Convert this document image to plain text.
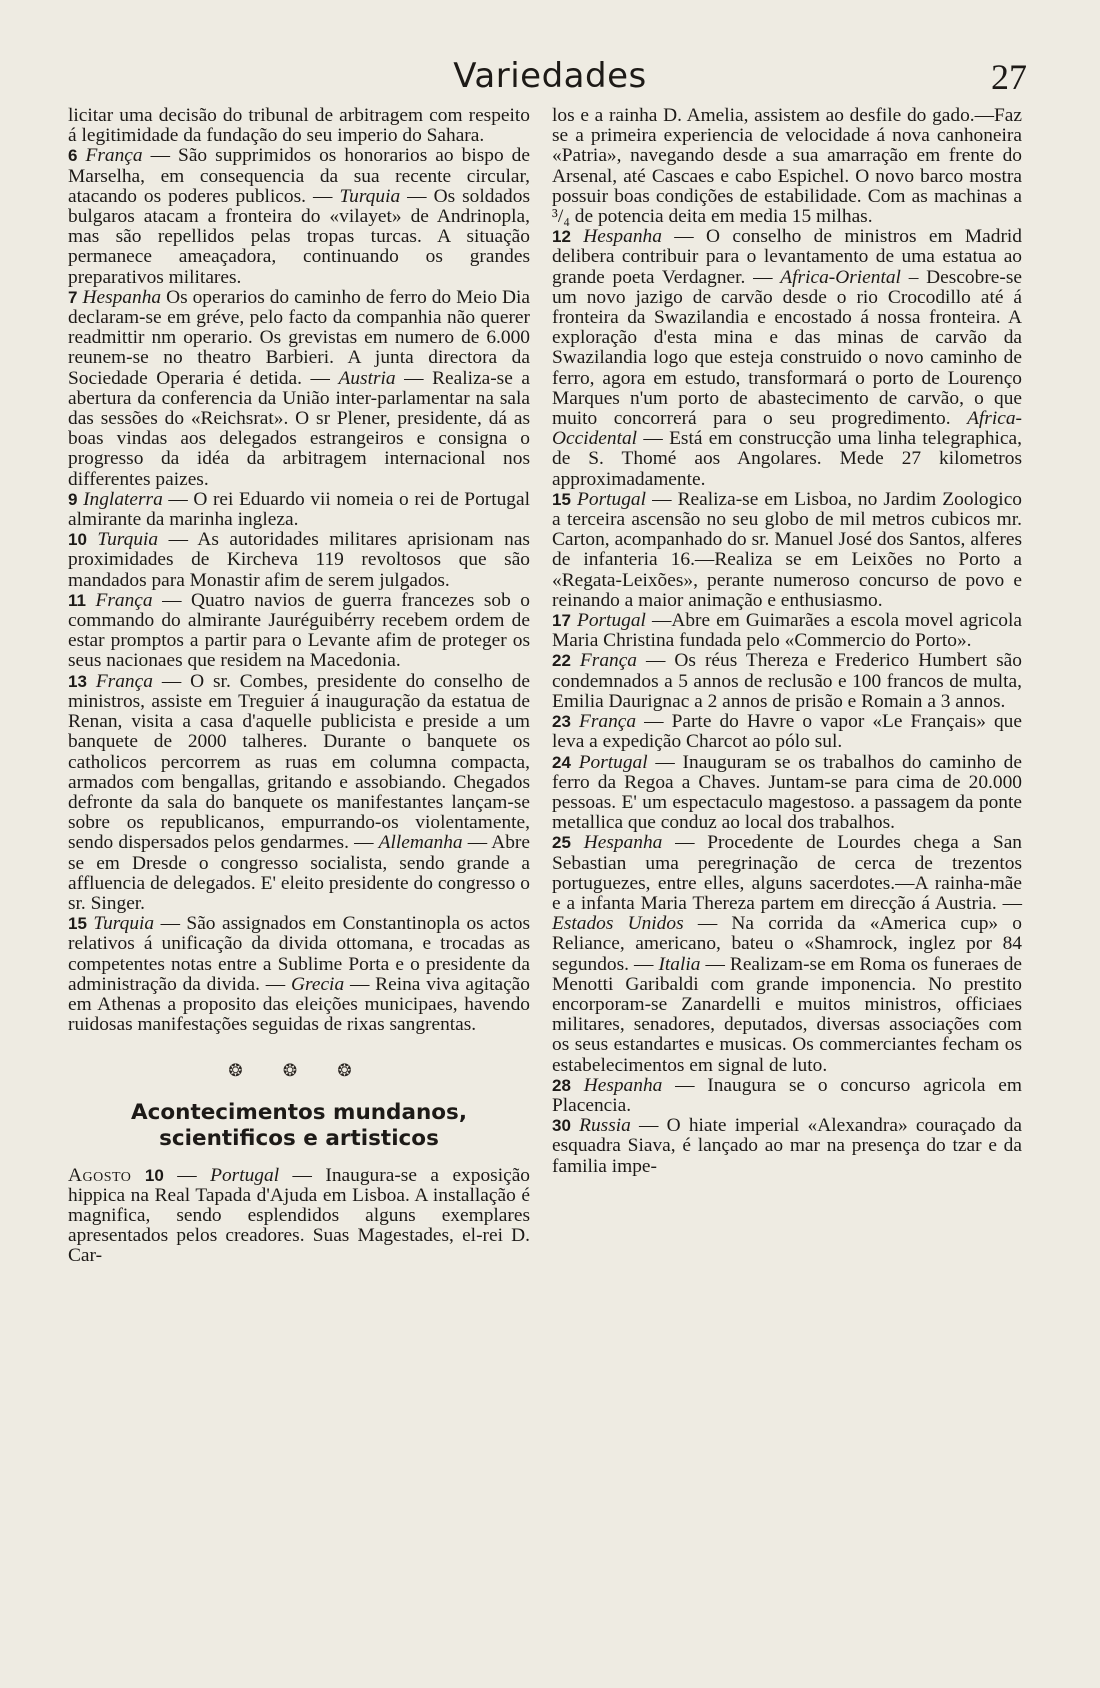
Variedades	27

licitar uma decisão do tribunal de arbitragem com respeito á legitimidade da fundação do seu imperio do Sahara.

6 França — São supprimidos os honorarios ao bispo de Marselha, em consequencia da sua recente circular, atacando os poderes publicos. — Turquia — Os soldados bulgaros atacam a fronteira do «vilayet» de Andrinopla, mas são repellidos pelas tropas turcas. A situação permanece ameaçadora, continuando os grandes preparativos militares.

7 Hespanha Os operarios do caminho de ferro do Meio Dia declaram-se em gréve, pelo facto da companhia não querer readmittir nm operario. Os grevistas em numero de 6.000 reunem-se no theatro Barbieri. A junta directora da Sociedade Operaria é detida. — Austria — Realiza-se a abertura da conferencia da União inter-parlamentar na sala das sessões do «Reichsrat». O sr Plener, presidente, dá as boas vindas aos delegados estrangeiros e consigna o progresso da idéa da arbitragem internacional nos differentes paizes.

9 Inglaterra — O rei Eduardo vii nomeia o rei de Portugal almirante da marinha ingleza.

10 Turquia — As autoridades militares aprisionam nas proximidades de Kircheva 119 revoltosos que são mandados para Monastir afim de serem julgados.

11 França — Quatro navios de guerra francezes sob o commando do almirante Jauréguibérry recebem ordem de estar promptos a partir para o Levante afim de proteger os seus nacionaes que residem na Macedonia.

13 França — O sr. Combes, presidente do conselho de ministros, assiste em Treguier á inauguração da estatua de Renan, visita a casa d'aquelle publicista e preside a um banquete de 2000 talheres. Durante o banquete os catholicos percorrem as ruas em columna compacta, armados com bengallas, gritando e assobiando. Chegados defronte da sala do banquete os manifestantes lançam-se sobre os republicanos, empurrando-os violentamente, sendo dispersados pelos gendarmes. — Allemanha — Abre se em Dresde o congresso socialista, sendo grande a affluencia de delegados. E' eleito presidente do congresso o sr. Singer.

15 Turquia — São assignados em Constantinopla os actos relativos á unificação da divida ottomana, e trocadas as competentes notas entre a Sublime Porta e o presidente da administração da divida. — Grecia — Reina viva agitação em Athenas a proposito das eleições municipaes, havendo ruidosas manifestações seguidas de rixas sangrentas.

❂ ❂ ❂
Acontecimentos mundanos, scientificos e artisticos

Agosto 10 — Portugal — Inaugura-se a exposição hippica na Real Tapada d'Ajuda em Lisboa. A installação é magnifica, sendo esplendidos alguns exemplares apresentados pelos creadores. Suas Magestades, el-rei D. Car-

los e a rainha D. Amelia, assistem ao desfile do gado.—Faz se a primeira experiencia de velocidade á nova canhoneira «Patria», navegando desde a sua amarração em frente do Arsenal, até Cascaes e cabo Espichel. O novo barco mostra possuir boas condições de estabilidade. Com as machinas a ³/₄ de potencia deita em media 15 milhas.

12 Hespanha — O conselho de ministros em Madrid delibera contribuir para o levantamento de uma estatua ao grande poeta Verdagner. — Africa-Oriental – Descobre-se um novo jazigo de carvão desde o rio Crocodillo até á fronteira da Swazilandia e encostado á nossa fronteira. A exploração d'esta mina e das minas de carvão da Swazilandia logo que esteja construido o novo caminho de ferro, agora em estudo, transformará o porto de Lourenço Marques n'um porto de abastecimento de carvão, o que muito concorrerá para o seu progredimento. Africa-Occidental — Está em construcção uma linha telegraphica, de S. Thomé aos Angolares. Mede 27 kilometros approximadamente.

15 Portugal — Realiza-se em Lisboa, no Jardim Zoologico a terceira ascensão no seu globo de mil metros cubicos mr. Carton, acompanhado do sr. Manuel José dos Santos, alferes de infanteria 16.—Realiza se em Leixões no Porto a «Regata-Leixões», perante numeroso concurso de povo e reinando a maior animação e enthusiasmo.

17 Portugal —Abre em Guimarães a escola movel agricola Maria Christina fundada pelo «Commercio do Porto».

22 França — Os réus Thereza e Frederico Humbert são condemnados a 5 annos de reclusão e 100 francos de multa, Emilia Daurignac a 2 annos de prisão e Romain a 3 annos.

23 França — Parte do Havre o vapor «Le Français» que leva a expedição Charcot ao pólo sul.

24 Portugal — Inauguram se os trabalhos do caminho de ferro da Regoa a Chaves. Juntam-se para cima de 20.000 pessoas. E' um espectaculo magestoso. a passagem da ponte metallica que conduz ao local dos trabalhos.

25 Hespanha — Procedente de Lourdes chega a San Sebastian uma peregrinação de cerca de trezentos portuguezes, entre elles, alguns sacerdotes.—A rainha-mãe e a infanta Maria Thereza partem em direcção á Austria. — Estados Unidos — Na corrida da «America cup» o Reliance, americano, bateu o «Shamrock, inglez por 84 segundos. — Italia — Realizam-se em Roma os funeraes de Menotti Garibaldi com grande imponencia. No prestito encorporam-se Zanardelli e muitos ministros, officiaes militares, senadores, deputados, diversas associações com os seus estandartes e musicas. Os commerciantes fecham os estabelecimentos em signal de luto.

28 Hespanha — Inaugura se o concurso agricola em Placencia.

30 Russia — O hiate imperial «Alexandra» couraçado da esquadra Siava, é lançado ao mar na presença do tzar e da familia impe-
